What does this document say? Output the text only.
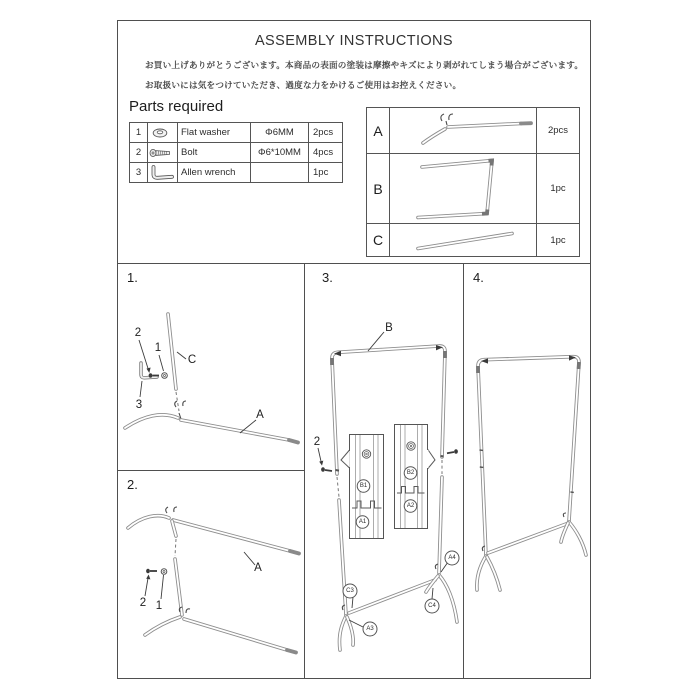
ASSEMBLY INSTRUCTIONS
お買い上げありがとうございます。本商品の表面の塗装は摩擦やキズにより剥がれてしまう場合がございます。
お取扱いには気をつけていただき、過度な力をかけるご使用はお控えください。
Parts required
1		Flat washer	Φ6MM	2pcs
2		Bolt	Φ6*10MM	4pcs
3		Allen wrench		1pc
A		2pcs
B		1pc
C		1pc
1.
2
1
3
C
A
2.
A
2 1
3.
B1
A1
B2
A2
C3
A3
C4
A4
B
2
4.
